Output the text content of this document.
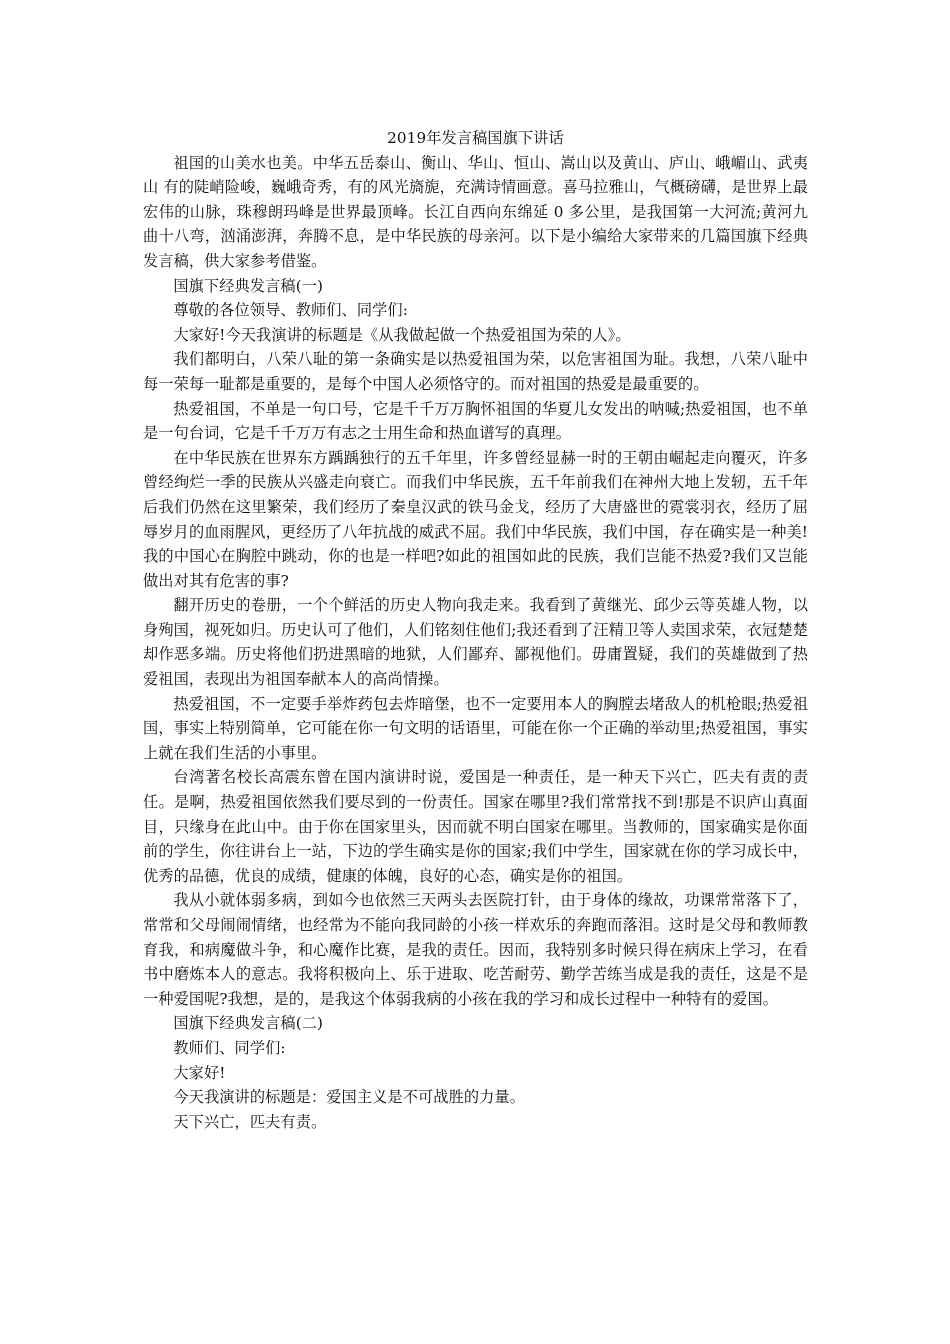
2019年发言稿国旗下讲话

祖国的山美水也美。中华五岳泰山、衡山、华山、恒山、嵩山以及黄山、庐山、峨嵋山、武夷山 有的陡峭险峻，巍峨奇秀，有的风光旖旎，充满诗情画意。喜马拉雅山，气概磅礴，是世界上最宏伟的山脉，珠穆朗玛峰是世界最顶峰。长江自西向东绵延 0 多公里，是我国第一大河流;黄河九曲十八弯，汹涌澎湃，奔腾不息，是中华民族的母亲河。以下是小编给大家带来的几篇国旗下经典发言稿，供大家参考借鉴。

国旗下经典发言稿(一)

尊敬的各位领导、教师们、同学们:

大家好!今天我演讲的标题是《从我做起做一个热爱祖国为荣的人》。

我们都明白，八荣八耻的第一条确实是以热爱祖国为荣，以危害祖国为耻。我想，八荣八耻中每一荣每一耻都是重要的，是每个中国人必须恪守的。而对祖国的热爱是最重要的。

热爱祖国，不单是一句口号，它是千千万万胸怀祖国的华夏儿女发出的呐喊;热爱祖国，也不单是一句台词，它是千千万万有志之士用生命和热血谱写的真理。

在中华民族在世界东方踽踽独行的五千年里，许多曾经显赫一时的王朝由崛起走向覆灭，许多曾经绚烂一季的民族从兴盛走向衰亡。而我们中华民族，五千年前我们在神州大地上发轫，五千年后我们仍然在这里繁荣，我们经历了秦皇汉武的铁马金戈，经历了大唐盛世的霓裳羽衣，经历了屈辱岁月的血雨腥风，更经历了八年抗战的威武不屈。我们中华民族，我们中国，存在确实是一种美!我的中国心在胸腔中跳动，你的也是一样吧?如此的祖国如此的民族，我们岂能不热爱?我们又岂能做出对其有危害的事?

翻开历史的卷册，一个个鲜活的历史人物向我走来。我看到了黄继光、邱少云等英雄人物，以身殉国，视死如归。历史认可了他们，人们铭刻住他们;我还看到了汪精卫等人卖国求荣，衣冠楚楚却作恶多端。历史将他们扔进黑暗的地狱，人们鄙弃、鄙视他们。毋庸置疑，我们的英雄做到了热爱祖国，表现出为祖国奉献本人的高尚情操。

热爱祖国，不一定要手举炸药包去炸暗堡，也不一定要用本人的胸膛去堵敌人的机枪眼;热爱祖国，事实上特别简单，它可能在你一句文明的话语里，可能在你一个正确的举动里;热爱祖国，事实上就在我们生活的小事里。

台湾著名校长高震东曾在国内演讲时说，爱国是一种责任，是一种天下兴亡，匹夫有责的责任。是啊，热爱祖国依然我们要尽到的一份责任。国家在哪里?我们常常找不到!那是不识庐山真面目，只缘身在此山中。由于你在国家里头，因而就不明白国家在哪里。当教师的，国家确实是你面前的学生，你往讲台上一站，下边的学生确实是你的国家;我们中学生，国家就在你的学习成长中，优秀的品德，优良的成绩，健康的体魄，良好的心态，确实是你的祖国。

我从小就体弱多病，到如今也依然三天两头去医院打针，由于身体的缘故，功课常常落下了，常常和父母闹闹情绪，也经常为不能向我同龄的小孩一样欢乐的奔跑而落泪。这时是父母和教师教育我，和病魔做斗争，和心魔作比赛，是我的责任。因而，我特别多时候只得在病床上学习，在看书中磨炼本人的意志。我将积极向上、乐于进取、吃苦耐劳、勤学苦练当成是我的责任，这是不是一种爱国呢?我想，是的，是我这个体弱我病的小孩在我的学习和成长过程中一种特有的爱国。

国旗下经典发言稿(二)

教师们、同学们:

大家好!

今天我演讲的标题是：爱国主义是不可战胜的力量。

天下兴亡，匹夫有责。
